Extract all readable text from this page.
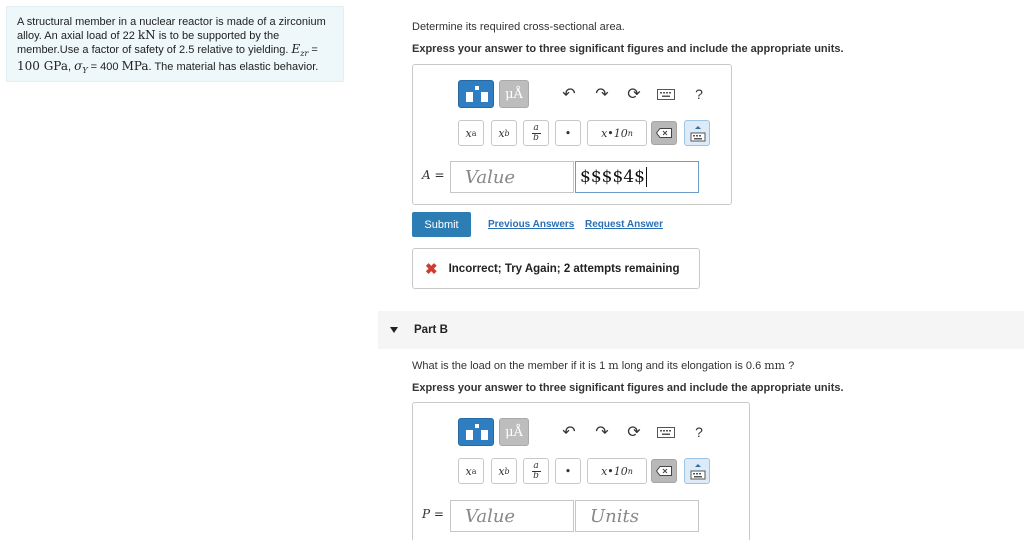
A structural member in a nuclear reactor is made of a zirconium
alloy. An axial load of 22 kN is to be supported by the
member.Use a factor of safety of 2.5 relative to yielding. $E_{zr}$ =
100 GPa, $\sigma_Y = 400$ MPa. The material has elastic behavior.
Determine its required cross-sectional area.
Express your answer to three significant figures and include the appropriate units.
μÅ	↶ ↷ ⟳	?
x a x b
a
b	•	x•10 n
A =	Value	$$$$4$
Submit	Previous Answers Request Answer
✖ Incorrect; Try Again; 2 attempts remaining
Part B
What is the load on the member if it is 1 m long and its elongation is 0.6 mm ?
Express your answer to three significant figures and include the appropriate units.
μÅ	↶ ↷ ⟳	?
x a x b
a
b	•	x•10 n
P =	Value	Units
